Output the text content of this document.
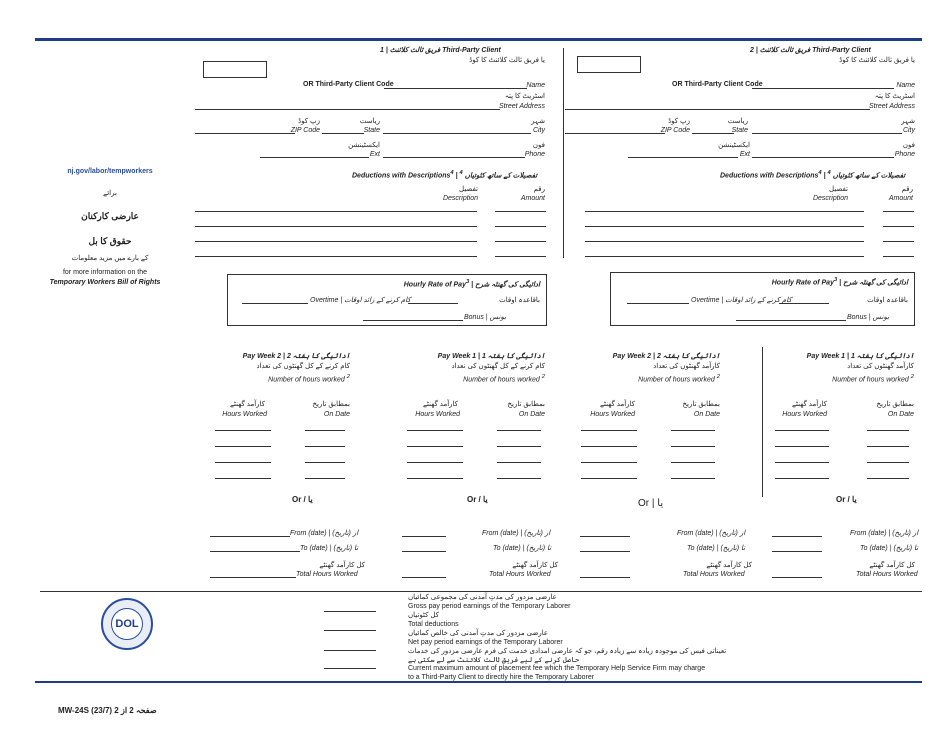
nj.gov/labor/tempworkers
برائے
عارضی کارکنان
حقوق کا بل
کے بارے میں مزید معلومات
for more information on the
Temporary Workers Bill of Rights
فریق ثالث کلائنٹ | 1	Third-Party Client
یا فریق ثالث کلائنٹ کا کوڈ
OR Third-Party Client Code	Name
اسٹریٹ کا پتہ
Street Address
زپ کوڈ	ریاست	شہر
ZIP Code	State	City
ایکسٹینشن	فون
Ext	Phone
Deductions with Descriptions$^4$ | تفصیلات کے ساتھ کٹوتیاں $^4$
تفصیل	رقم
Description	Amount
فریق ثالث کلائنٹ | 2	Third-Party Client
یا فریق ثالث کلائنٹ کا کوڈ
OR Third-Party Client Code	Name
اسٹریٹ کا پتہ
Street Address
زپ کوڈ	ریاست	شہر
ZIP Code	State	City
ایکسٹینشن	فون
Ext	Phone
Deductions with Descriptions$^4$ | تفصیلات کے ساتھ کٹوتیاں $^4$
تفصیل	رقم
Description	Amount
Hourly Rate of Pay$^3$ | ادائیگی کی گھنٹہ شرح
باقاعدہ اوقات
Overtime | کام کرنے کے زائد اوقات
Bonus | بونس
Hourly Rate of Pay$^3$ | ادائیگی کی گھنٹہ شرح
باقاعدہ اوقات
Overtime | کام کرنے کے زائد اوقات
Bonus | بونس
Pay Week 2 | ادائیگی کا ہفتہ 2
کام کرنے کے کل گھنٹوں کی تعداد
Number of hours worked $^2$
کارآمد گھنٹے	بمطابق تاریخ
Hours Worked	On Date
Or / یا
Pay Week 1 | ادائیگی کا ہفتہ 1
کام کرنے کے کل گھنٹوں کی تعداد
Number of hours worked $^2$
کارآمد گھنٹے	بمطابق تاریخ
Hours Worked	On Date
Or / یا
Pay Week 2 | ادائیگی کا ہفتہ 2
کارآمد گھنٹوں کی تعداد
Number of hours worked $^2$
کارآمد گھنٹے	بمطابق تاریخ
Hours Worked	On Date
Or | یا
Pay Week 1 | ادائیگی کا ہفتہ 1
کارآمد گھنٹوں کی تعداد
Number of hours worked $^2$
کارآمد گھنٹے	بمطابق تاریخ
Hours Worked	On Date
Or / یا
From (date) | از (تاریخ)
To (date) | تا (تاریخ)
کل کارآمد گھنٹے
Total Hours Worked
From (date) | از (تاریخ)
To (date) | تا (تاریخ)
کل کارآمد گھنٹے
Total Hours Worked
From (date) | از (تاریخ)
To (date) | تا (تاریخ)
کل کارآمد گھنٹے
Total Hours Worked
From (date) | از (تاریخ)
To (date) | تا (تاریخ)
کل کارآمد گھنٹے
Total Hours Worked
DOL
عارضی مزدور کی مدتِ آمدنی کی مجموعی کمائیاں
Gross pay period earnings of the Temporary Laborer
کل کٹوتیاں
Total deductions
عارضی مزدور کی مدتِ آمدنی کی خالص کمائیاں
Net pay period earnings of the Temporary Laborer
تعیناتی فیس کی موجودہ زیادہ سے زیادہ رقم، جو کہ عارضی امدادی خدمت کی فرم عارضی مزدور کی خدمات
حاصل کرنے کے لیے فریق ثالث کلائنٹ سے لے سکتی ہے
Current maximum amount of placement fee which the Temporary Help Service Firm may charge
to a Third-Party Client to directly hire the Temporary Laborer
MW-24S (23/7) صفحہ 2 از 2
